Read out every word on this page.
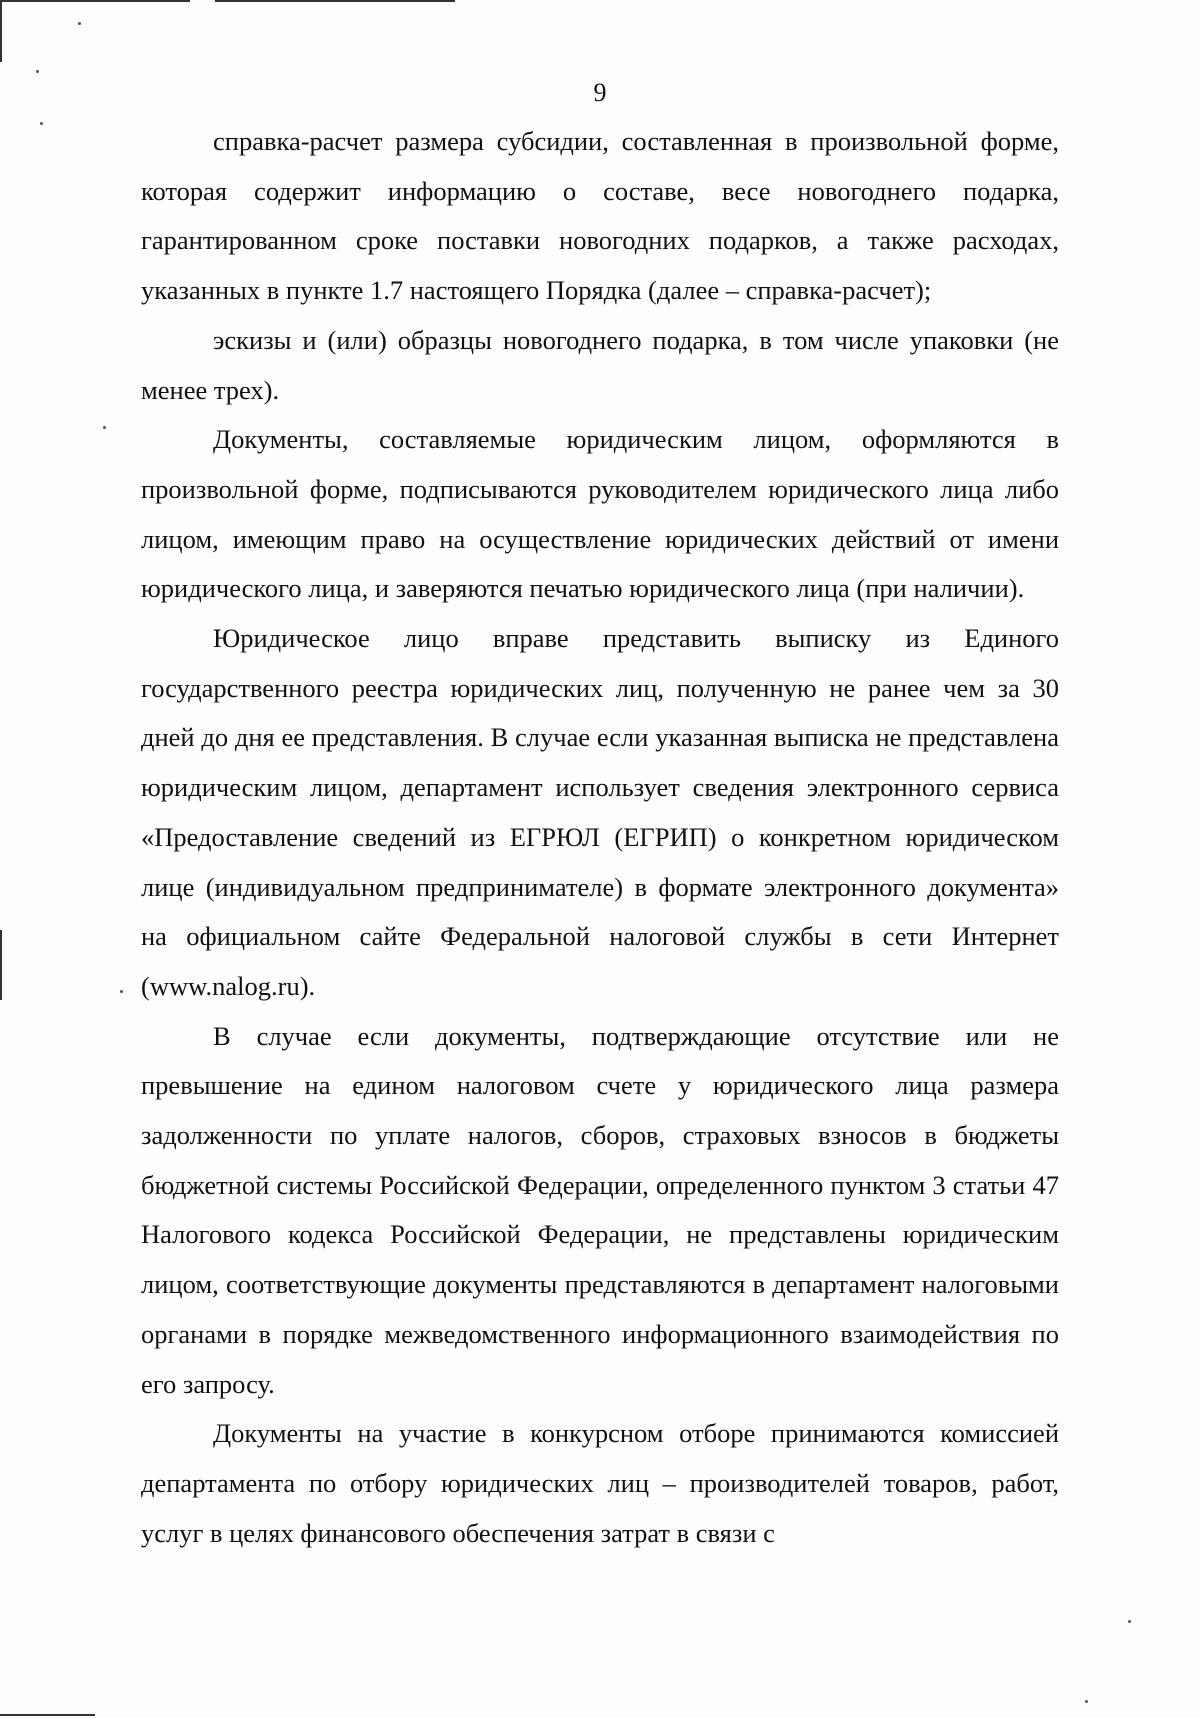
9

справка-расчет размера субсидии, составленная в произвольной форме, которая содержит информацию о составе, весе новогоднего подарка, гарантированном сроке поставки новогодних подарков, а также расходах, указанных в пункте 1.7 настоящего Порядка (далее – справка-расчет);

эскизы и (или) образцы новогоднего подарка, в том числе упаковки (не менее трех).

Документы, составляемые юридическим лицом, оформляются в произвольной форме, подписываются руководителем юридического лица либо лицом, имеющим право на осуществление юридических действий от имени юридического лица, и заверяются печатью юридического лица (при наличии).

Юридическое лицо вправе представить выписку из Единого государственного реестра юридических лиц, полученную не ранее чем за 30 дней до дня ее представления. В случае если указанная выписка не представлена юридическим лицом, департамент использует сведения электронного сервиса «Предоставление сведений из ЕГРЮЛ (ЕГРИП) о конкретном юридическом лице (индивидуальном предпринимателе) в формате электронного документа» на официальном сайте Федеральной налоговой службы в сети Интернет (www.nalog.ru).

В случае если документы, подтверждающие отсутствие или не превышение на едином налоговом счете у юридического лица размера задолженности по уплате налогов, сборов, страховых взносов в бюджеты бюджетной системы Российской Федерации, определенного пунктом 3 статьи 47 Налогового кодекса Российской Федерации, не представлены юридическим лицом, соответствующие документы представляются в департамент налоговыми органами в порядке межведомственного информационного взаимодействия по его запросу.

Документы на участие в конкурсном отборе принимаются комиссией департамента по отбору юридических лиц – производителей товаров, работ, услуг в целях финансового обеспечения затрат в связи с
